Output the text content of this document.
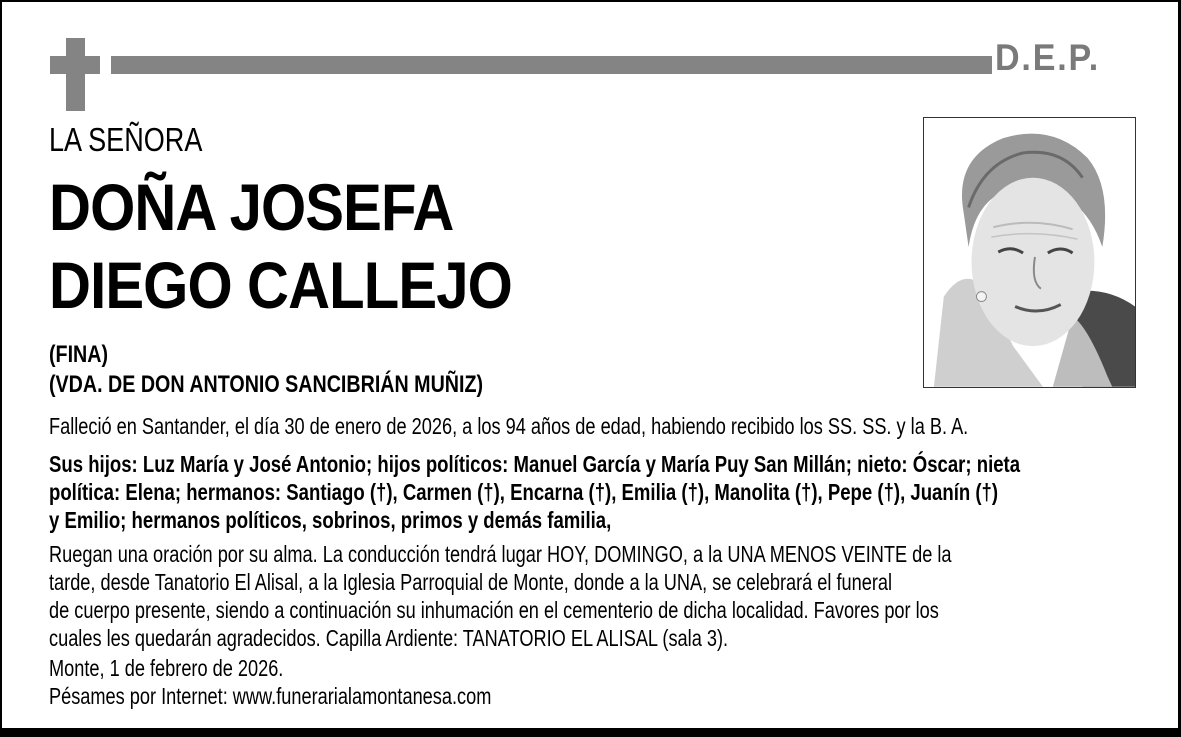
D.E.P.
LA SEÑORA
DOÑA JOSEFA
DIEGO CALLEJO
(FINA)
(VDA. DE DON ANTONIO SANCIBRIÁN MUÑIZ)
Falleció en Santander, el día 30 de enero de 2026, a los 94 años de edad, habiendo recibido los SS. SS. y la B. A.
Sus hijos: Luz María y José Antonio; hijos políticos: Manuel García y María Puy San Millán; nieto: Óscar; nieta
política: Elena; hermanos: Santiago (†), Carmen (†), Encarna (†), Emilia (†), Manolita (†), Pepe (†), Juanín (†)
y Emilio; hermanos políticos, sobrinos, primos y demás familia,
Ruegan una oración por su alma. La conducción tendrá lugar HOY, DOMINGO, a la UNA MENOS VEINTE de la
tarde, desde Tanatorio El Alisal, a la Iglesia Parroquial de Monte, donde a la UNA, se celebrará el funeral
de cuerpo presente, siendo a continuación su inhumación en el cementerio de dicha localidad. Favores por los
cuales les quedarán agradecidos. Capilla Ardiente: TANATORIO EL ALISAL (sala 3).
Monte, 1 de febrero de 2026.
Pésames por Internet: www.funerarialamontanesa.com
